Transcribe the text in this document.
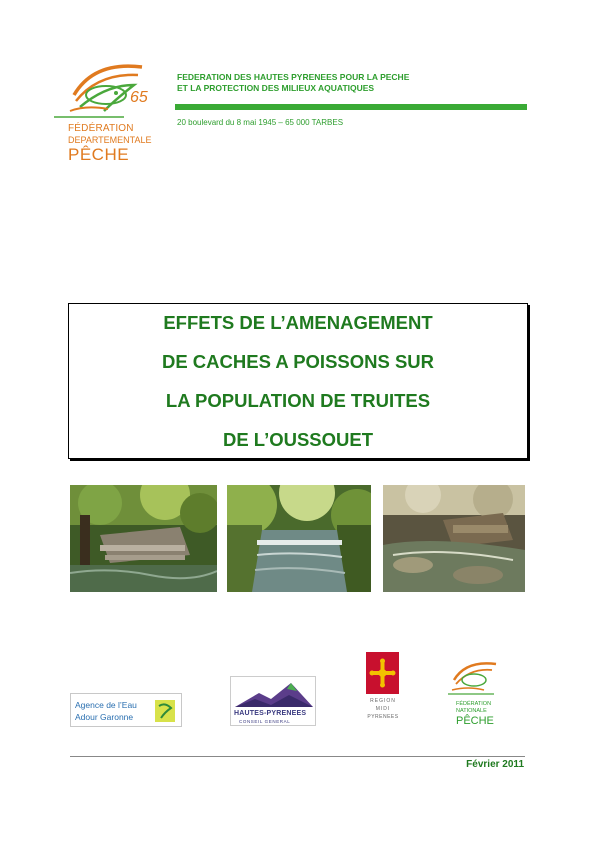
65
FÉDÉRATION
DEPARTEMENTALE
PÊCHE
FEDERATION DES HAUTES PYRENEES POUR LA PECHE
ET LA PROTECTION DES MILIEUX AQUATIQUES
20 boulevard du 8 mai 1945 – 65 000 TARBES
EFFETS DE L’AMENAGEMENT
DE CACHES A POISSONS SUR
LA POPULATION DE TRUITES
DE L’OUSSOUET
Agence de l’Eau
Adour Garonne	HAUTES-PYRENEES
CONSEIL GENERAL
REGION
MIDI
PYRENEES
FÉDÉRATION
NATIONALE
PÊCHE
Février 2011
